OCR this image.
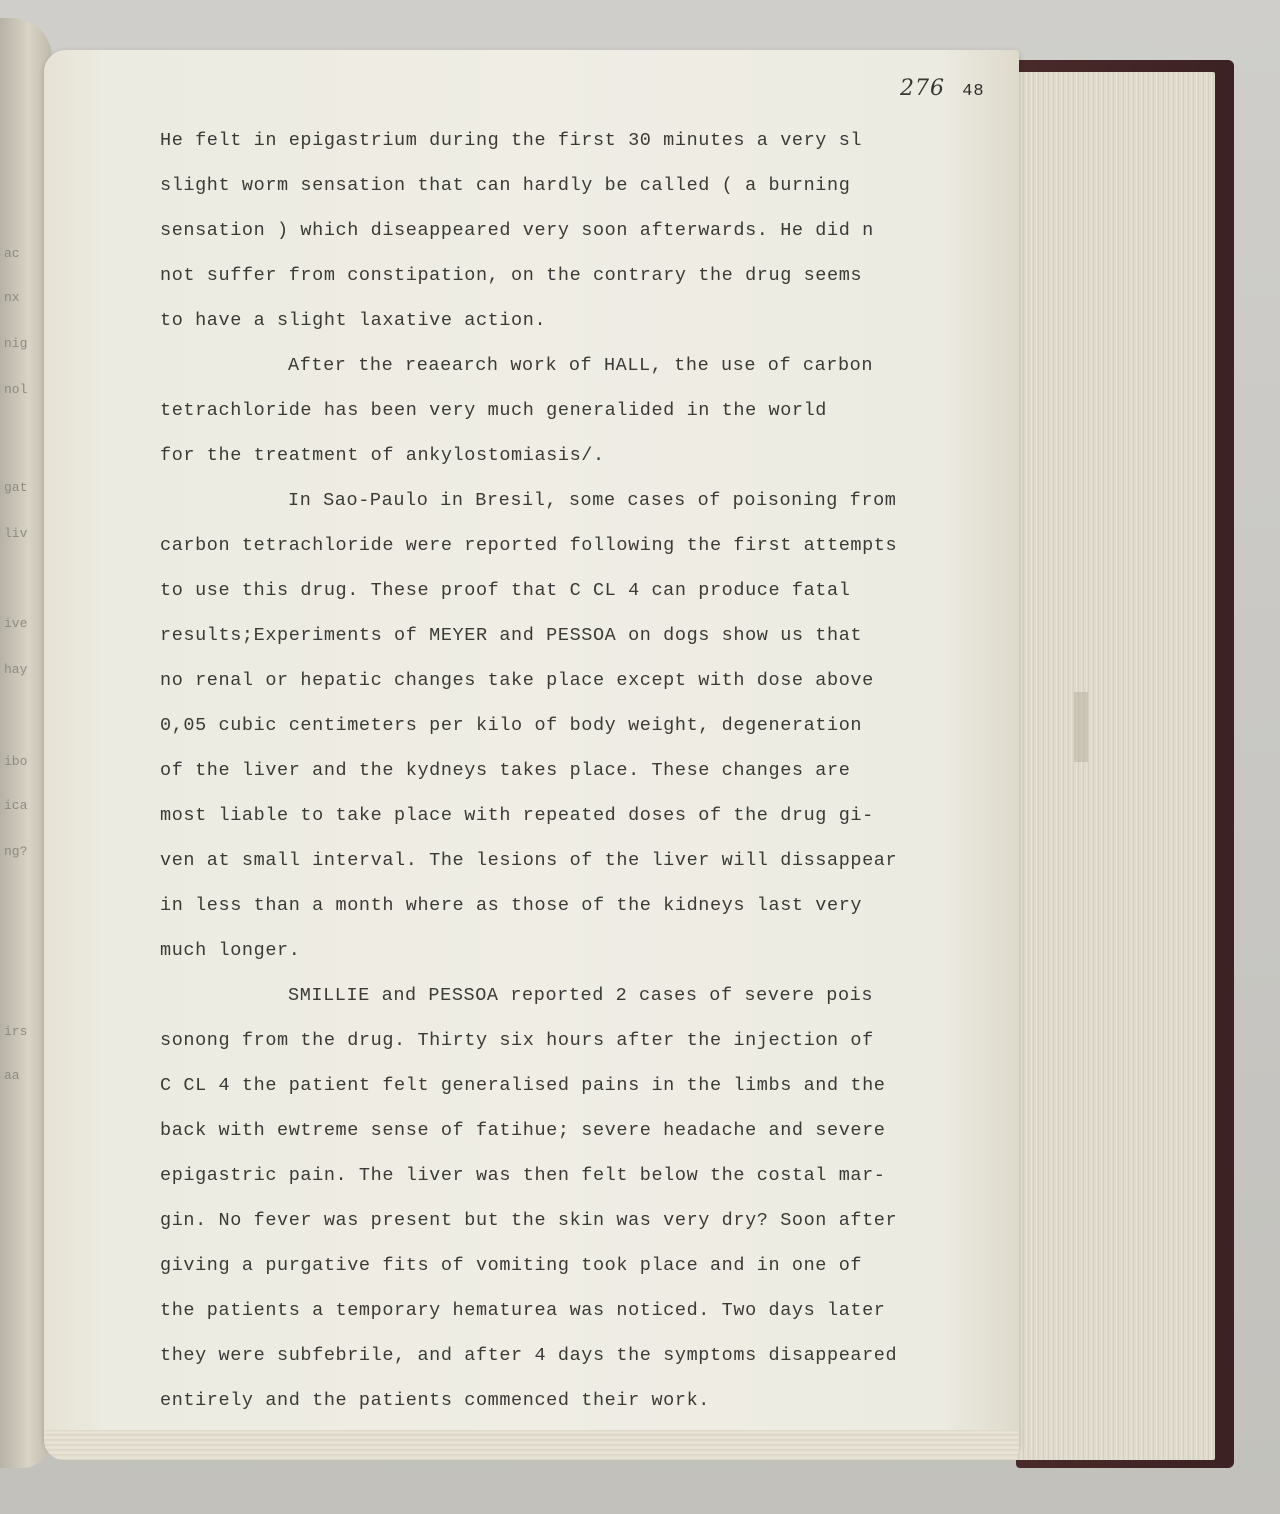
ac
nx
nig
nol
gat
liv
ive
hay
ibo
ica
ng?
irs
aa
276 48
He felt in epigastrium during the first 30 minutes a very sl
slight worm sensation that can hardly be called ( a burning
sensation ) which diseappeared very soon afterwards. He did n
not suffer from constipation, on the contrary the drug seems
to have a slight laxative action.
After the reaearch work of HALL, the use of carbon
tetrachloride has been very much generalided in the world
for the treatment of ankylostomiasis/.
In Sao-Paulo in Bresil, some cases of poisoning from
carbon tetrachloride were reported following the first attempts
to use this drug. These proof that C CL 4 can produce fatal
results;Experiments of MEYER and PESSOA on dogs show us that
no renal or hepatic changes take place except with dose above
0,05 cubic centimeters per kilo of body weight, degeneration
of the liver and the kydneys takes place. These changes are
most liable to take place with repeated doses of the drug gi-
ven at small interval. The lesions of the liver will dissappear
in less than a month where as those of the kidneys last very
much longer.
SMILLIE and PESSOA reported 2 cases of severe pois
sonong from the drug. Thirty six hours after the injection of
C CL 4 the patient felt generalised pains in the limbs and the
back with ewtreme sense of fatihue; severe headache and severe
epigastric pain. The liver was then felt below the costal mar-
gin. No fever was present but the skin was very dry? Soon after
giving a purgative fits of vomiting took place and in one of
the patients a temporary hematurea was noticed. Two days later
they were subfebrile, and after 4 days the symptoms disappeared
entirely and the patients commenced their work.
